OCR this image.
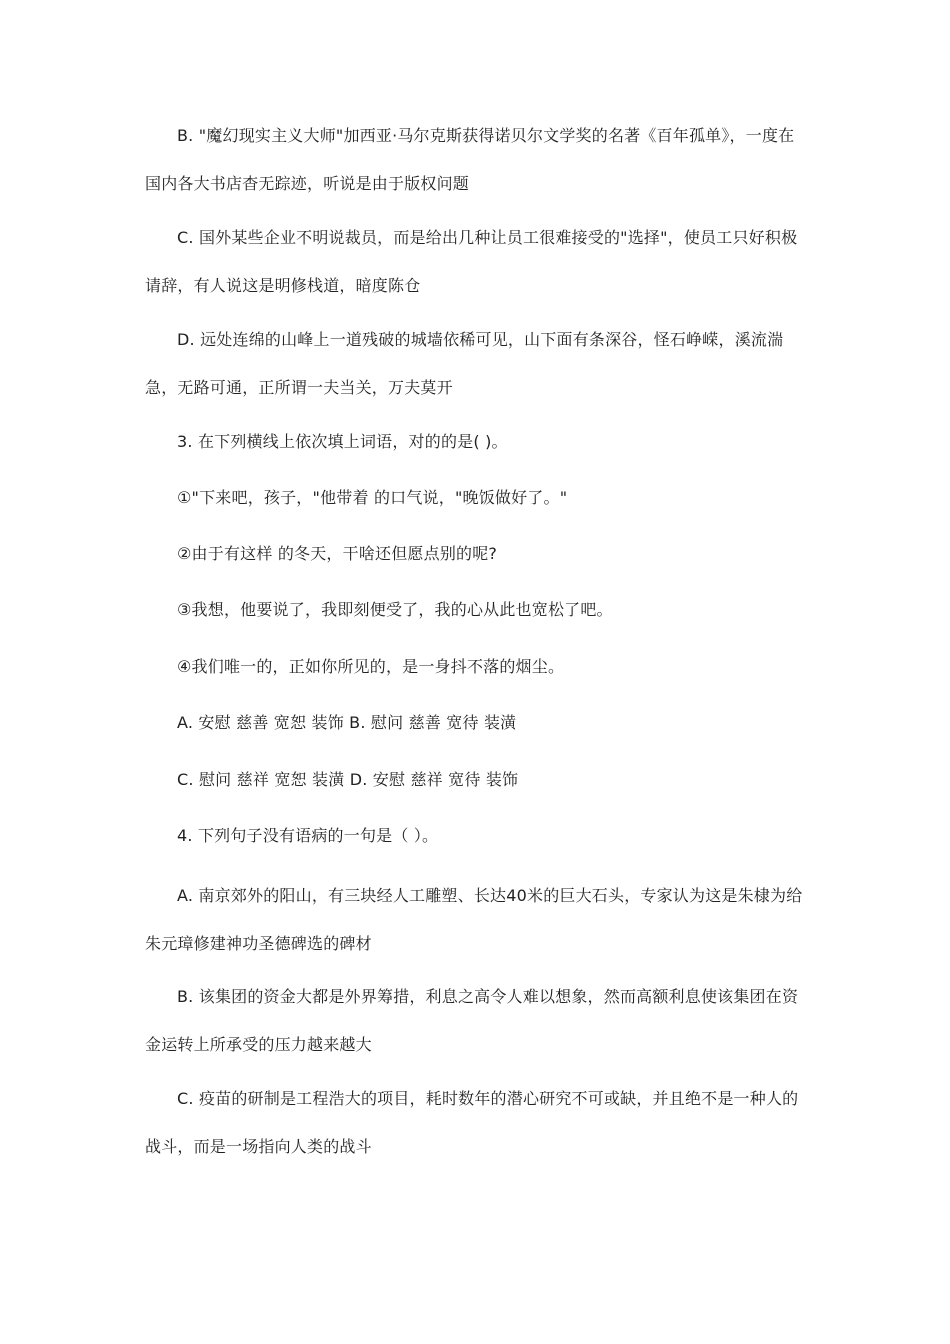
B. "魔幻现实主义大师"加西亚·马尔克斯获得诺贝尔文学奖的名著《百年孤单》，一度在国内各大书店杳无踪迹，听说是由于版权问题

C. 国外某些企业不明说裁员，而是给出几种让员工很难接受的"选择"，使员工只好积极请辞，有人说这是明修栈道，暗度陈仓

D. 远处连绵的山峰上一道残破的城墙依稀可见，山下面有条深谷，怪石峥嵘，溪流湍急，无路可通，正所谓一夫当关，万夫莫开

3. 在下列横线上依次填上词语，对的的是( )。

①"下来吧，孩子，"他带着 的口气说，"晚饭做好了。"

②由于有这样 的冬天，干啥还但愿点别的呢?

③我想，他要说了，我即刻便受了，我的心从此也宽松了吧。

④我们唯一的，正如你所见的，是一身抖不落的烟尘。

A. 安慰 慈善 宽恕 装饰 B. 慰问 慈善 宽待 装潢

C. 慰问 慈祥 宽恕 装潢 D. 安慰 慈祥 宽待 装饰

4. 下列句子没有语病的一句是（ ）。

A. 南京郊外的阳山，有三块经人工雕塑、长达40米的巨大石头，专家认为这是朱棣为给朱元璋修建神功圣德碑选的碑材

B. 该集团的资金大都是外界筹措，利息之高令人难以想象，然而高额利息使该集团在资金运转上所承受的压力越来越大

C. 疫苗的研制是工程浩大的项目，耗时数年的潜心研究不可或缺，并且绝不是一种人的战斗，而是一场指向人类的战斗
